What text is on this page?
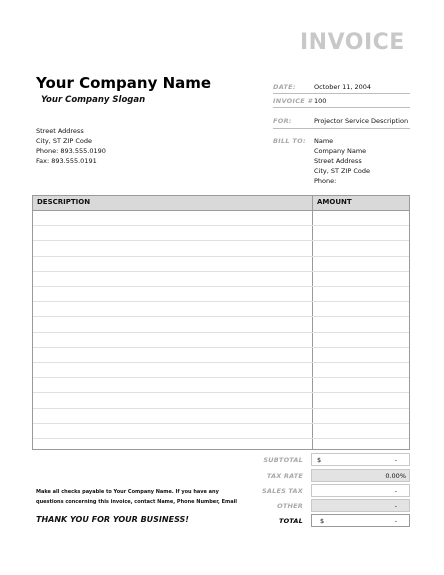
INVOICE
Your Company Name
Your Company Slogan
Street Address
City, ST ZIP Code
Phone: 893.555.0190
Fax: 893.555.0191
DATE:	October 11, 2004
INVOICE # 100
FOR:	Projector Service Description
BILL TO: Name
Company Name
Street Address
City, ST ZIP Code
Phone:
DESCRIPTION	AMOUNT
SUBTOTAL $	-
TAX RATE	0.00%
SALES TAX	-
OTHER	-
TOTAL	$	-
Make all checks payable to Your Company Name. If you have any
questions concerning this invoice, contact Name, Phone Number, Email
THANK YOU FOR YOUR BUSINESS!
